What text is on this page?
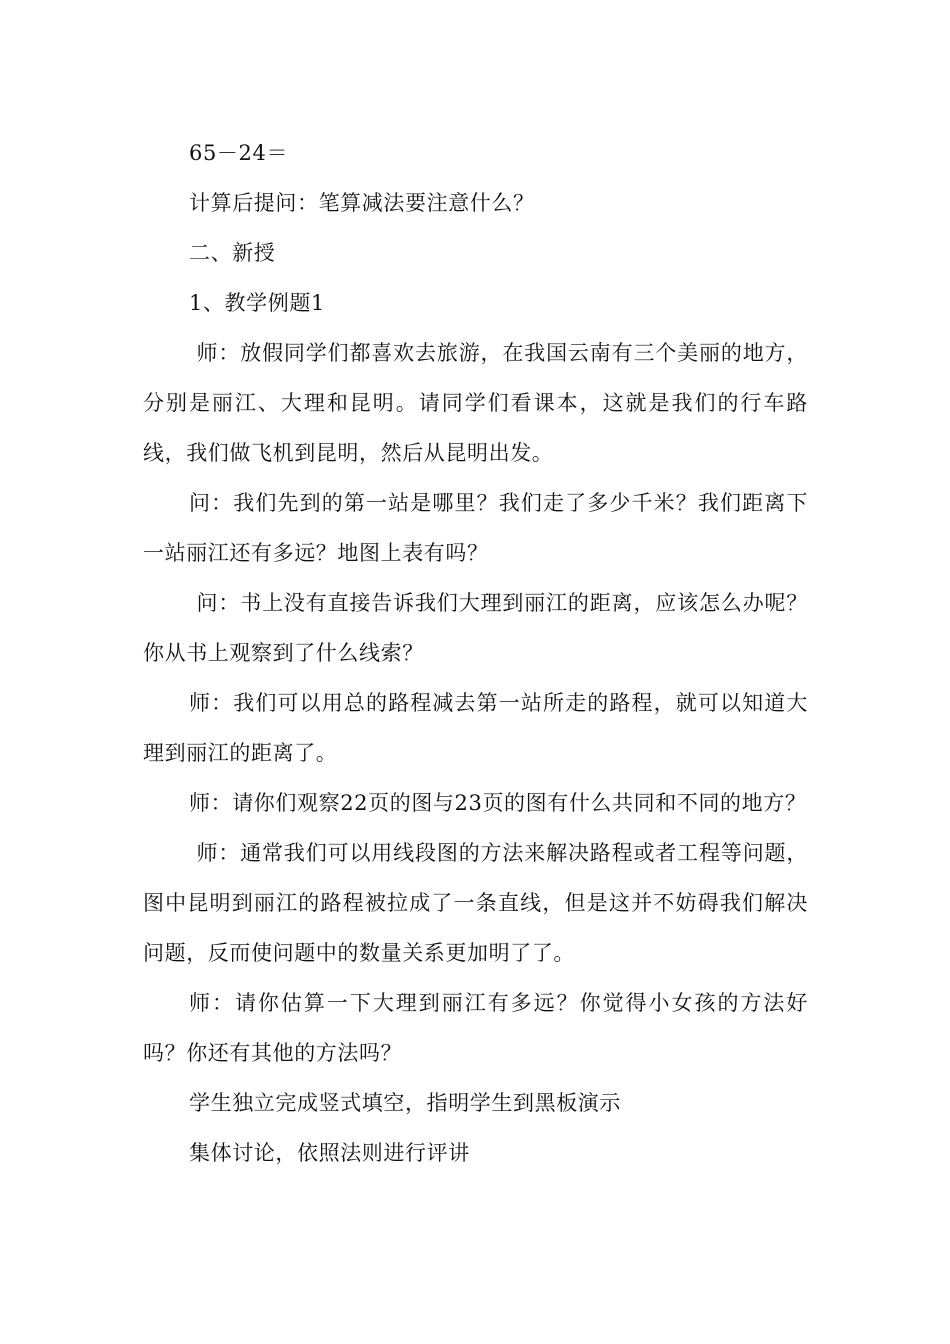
65－24＝

计算后提问：笔算减法要注意什么？

二、新授

1、教学例题1

师：放假同学们都喜欢去旅游，在我国云南有三个美丽的地方，分别是丽江、大理和昆明。请同学们看课本，这就是我们的行车路线，我们做飞机到昆明，然后从昆明出发。

问：我们先到的第一站是哪里？我们走了多少千米？我们距离下一站丽江还有多远？地图上表有吗？

问：书上没有直接告诉我们大理到丽江的距离，应该怎么办呢？你从书上观察到了什么线索？

师：我们可以用总的路程减去第一站所走的路程，就可以知道大理到丽江的距离了。

师：请你们观察22页的图与23页的图有什么共同和不同的地方？

师：通常我们可以用线段图的方法来解决路程或者工程等问题，图中昆明到丽江的路程被拉成了一条直线，但是这并不妨碍我们解决问题，反而使问题中的数量关系更加明了了。

师：请你估算一下大理到丽江有多远？你觉得小女孩的方法好吗？你还有其他的方法吗？

学生独立完成竖式填空，指明学生到黑板演示

集体讨论，依照法则进行评讲
